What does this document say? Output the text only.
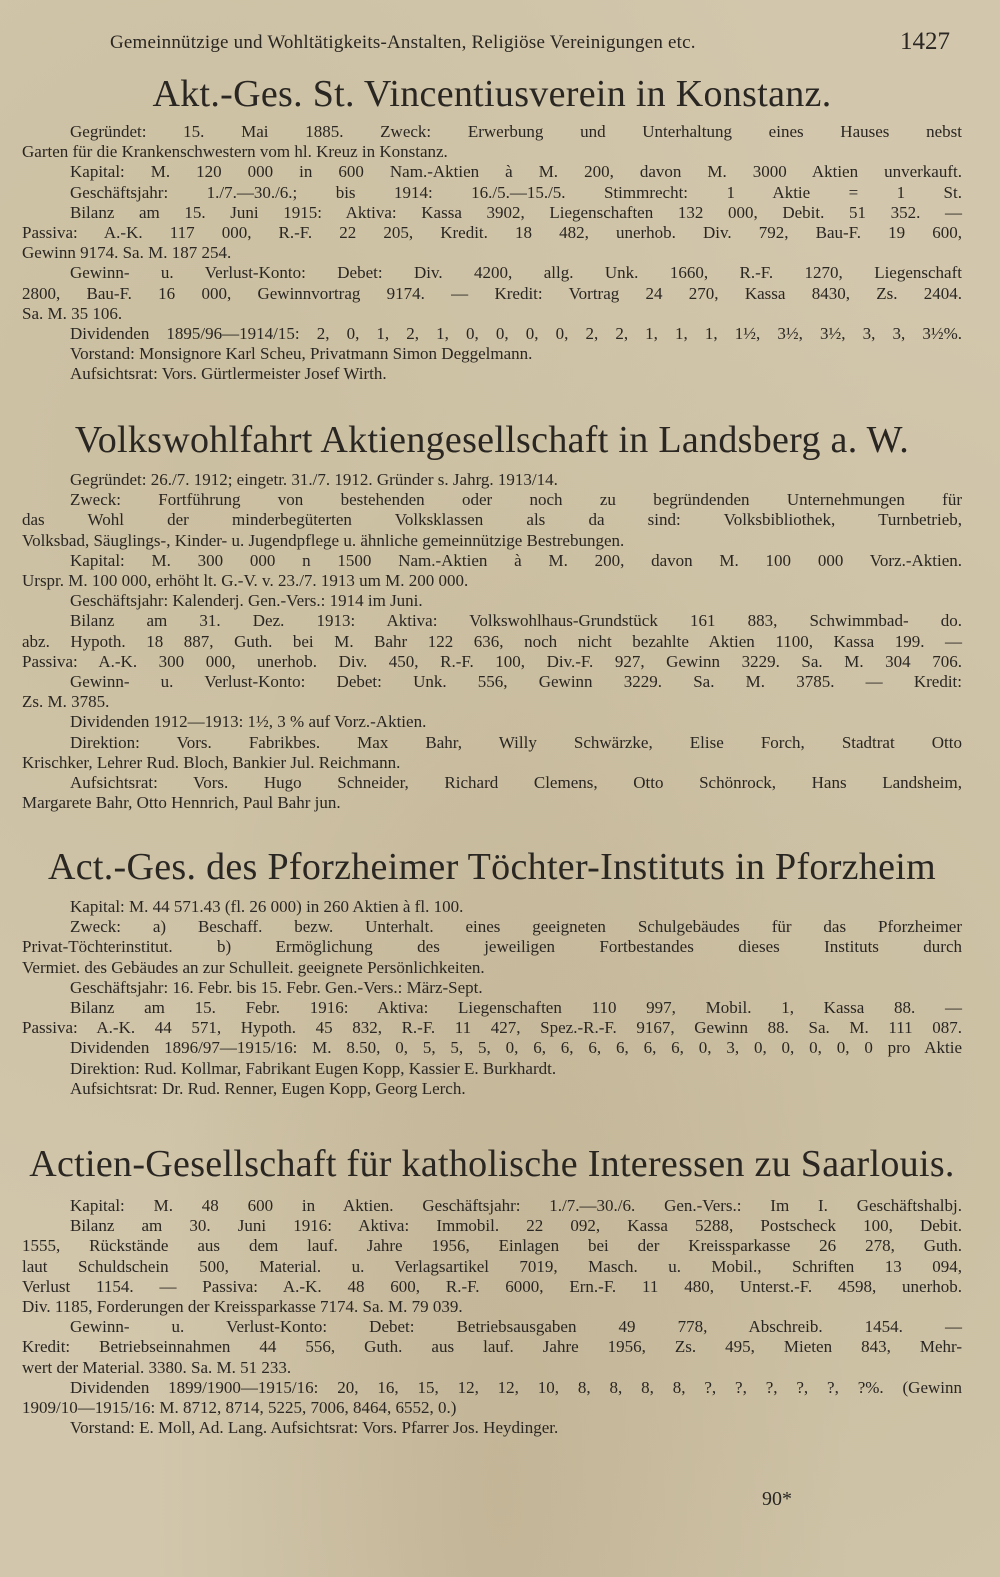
Gemeinnützige und Wohltätigkeits-Anstalten, Religiöse Vereinigungen etc.	1427
Akt.-Ges. St. Vincentiusverein in Konstanz.
Gegründet: 15. Mai 1885. Zweck: Erwerbung und Unterhaltung eines Hauses nebst
Garten für die Krankenschwestern vom hl. Kreuz in Konstanz.
Kapital: M. 120 000 in 600 Nam.-Aktien à M. 200, davon M. 3000 Aktien unverkauft.
Geschäftsjahr: 1./7.—30./6.; bis 1914: 16./5.—15./5. Stimmrecht: 1 Aktie = 1 St.
Bilanz am 15. Juni 1915: Aktiva: Kassa 3902, Liegenschaften 132 000, Debit. 51 352. —
Passiva: A.-K. 117 000, R.-F. 22 205, Kredit. 18 482, unerhob. Div. 792, Bau-F. 19 600,
Gewinn 9174. Sa. M. 187 254.
Gewinn- u. Verlust-Konto: Debet: Div. 4200, allg. Unk. 1660, R.-F. 1270, Liegenschaft
2800, Bau-F. 16 000, Gewinnvortrag 9174. — Kredit: Vortrag 24 270, Kassa 8430, Zs. 2404.
Sa. M. 35 106.
Dividenden 1895/96—1914/15: 2, 0, 1, 2, 1, 0, 0, 0, 0, 2, 2, 1, 1, 1, 1½, 3½, 3½, 3, 3, 3½%.
Vorstand: Monsignore Karl Scheu, Privatmann Simon Deggelmann.
Aufsichtsrat: Vors. Gürtlermeister Josef Wirth.
Volkswohlfahrt Aktiengesellschaft in Landsberg a. W.
Gegründet: 26./7. 1912; eingetr. 31./7. 1912. Gründer s. Jahrg. 1913/14.
Zweck: Fortführung von bestehenden oder noch zu begründenden Unternehmungen für
das Wohl der minderbegüterten Volksklassen als da sind: Volksbibliothek, Turnbetrieb,
Volksbad, Säuglings-, Kinder- u. Jugendpflege u. ähnliche gemeinnützige Bestrebungen.
Kapital: M. 300 000 n 1500 Nam.-Aktien à M. 200, davon M. 100 000 Vorz.-Aktien.
Urspr. M. 100 000, erhöht lt. G.-V. v. 23./7. 1913 um M. 200 000.
Geschäftsjahr: Kalenderj. Gen.-Vers.: 1914 im Juni.
Bilanz am 31. Dez. 1913: Aktiva: Volkswohlhaus-Grundstück 161 883, Schwimmbad- do.
abz. Hypoth. 18 887, Guth. bei M. Bahr 122 636, noch nicht bezahlte Aktien 1100, Kassa 199. —
Passiva: A.-K. 300 000, unerhob. Div. 450, R.-F. 100, Div.-F. 927, Gewinn 3229. Sa. M. 304 706.
Gewinn- u. Verlust-Konto: Debet: Unk. 556, Gewinn 3229. Sa. M. 3785. — Kredit:
Zs. M. 3785.
Dividenden 1912—1913: 1½, 3 % auf Vorz.-Aktien.
Direktion: Vors. Fabrikbes. Max Bahr, Willy Schwärzke, Elise Forch, Stadtrat Otto
Krischker, Lehrer Rud. Bloch, Bankier Jul. Reichmann.
Aufsichtsrat: Vors. Hugo Schneider, Richard Clemens, Otto Schönrock, Hans Landsheim,
Margarete Bahr, Otto Hennrich, Paul Bahr jun.
Act.-Ges. des Pforzheimer Töchter-Instituts in Pforzheim
Kapital: M. 44 571.43 (fl. 26 000) in 260 Aktien à fl. 100.
Zweck: a) Beschaff. bezw. Unterhalt. eines geeigneten Schulgebäudes für das Pforzheimer
Privat-Töchterinstitut. b) Ermöglichung des jeweiligen Fortbestandes dieses Instituts durch
Vermiet. des Gebäudes an zur Schulleit. geeignete Persönlichkeiten.
Geschäftsjahr: 16. Febr. bis 15. Febr. Gen.-Vers.: März-Sept.
Bilanz am 15. Febr. 1916: Aktiva: Liegenschaften 110 997, Mobil. 1, Kassa 88. —
Passiva: A.-K. 44 571, Hypoth. 45 832, R.-F. 11 427, Spez.-R.-F. 9167, Gewinn 88. Sa. M. 111 087.
Dividenden 1896/97—1915/16: M. 8.50, 0, 5, 5, 5, 0, 6, 6, 6, 6, 6, 6, 0, 3, 0, 0, 0, 0, 0 pro Aktie
Direktion: Rud. Kollmar, Fabrikant Eugen Kopp, Kassier E. Burkhardt.
Aufsichtsrat: Dr. Rud. Renner, Eugen Kopp, Georg Lerch.
Actien-Gesellschaft für katholische Interessen zu Saarlouis.
Kapital: M. 48 600 in Aktien. Geschäftsjahr: 1./7.—30./6. Gen.-Vers.: Im I. Geschäftshalbj.
Bilanz am 30. Juni 1916: Aktiva: Immobil. 22 092, Kassa 5288, Postscheck 100, Debit.
1555, Rückstände aus dem lauf. Jahre 1956, Einlagen bei der Kreissparkasse 26 278, Guth.
laut Schuldschein 500, Material. u. Verlagsartikel 7019, Masch. u. Mobil., Schriften 13 094,
Verlust 1154. — Passiva: A.-K. 48 600, R.-F. 6000, Ern.-F. 11 480, Unterst.-F. 4598, unerhob.
Div. 1185, Forderungen der Kreissparkasse 7174. Sa. M. 79 039.
Gewinn- u. Verlust-Konto: Debet: Betriebsausgaben 49 778, Abschreib. 1454. —
Kredit: Betriebseinnahmen 44 556, Guth. aus lauf. Jahre 1956, Zs. 495, Mieten 843, Mehr-
wert der Material. 3380. Sa. M. 51 233.
Dividenden 1899/1900—1915/16: 20, 16, 15, 12, 12, 10, 8, 8, 8, 8, ?, ?, ?, ?, ?, ?%. (Gewinn
1909/10—1915/16: M. 8712, 8714, 5225, 7006, 8464, 6552, 0.)
Vorstand: E. Moll, Ad. Lang. Aufsichtsrat: Vors. Pfarrer Jos. Heydinger.
90*
